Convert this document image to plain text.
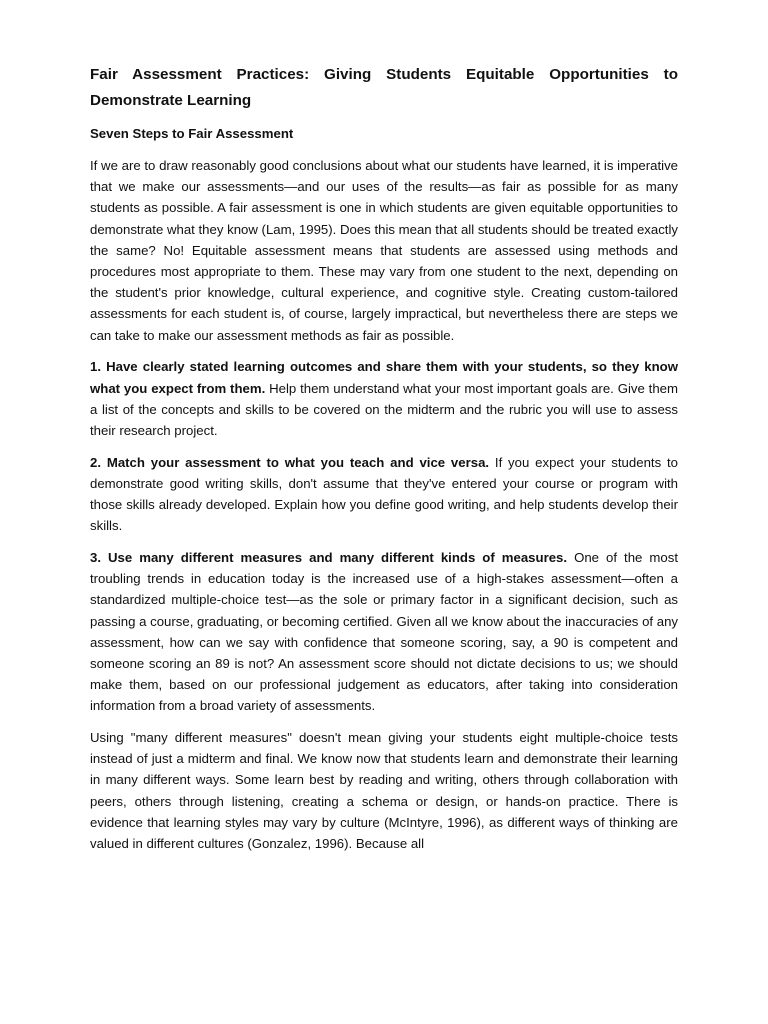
Fair Assessment Practices: Giving Students Equitable Opportunities to Demonstrate Learning
Seven Steps to Fair Assessment

If we are to draw reasonably good conclusions about what our students have learned, it is imperative that we make our assessments—and our uses of the results—as fair as possible for as many students as possible. A fair assessment is one in which students are given equitable opportunities to demonstrate what they know (Lam, 1995). Does this mean that all students should be treated exactly the same? No! Equitable assessment means that students are assessed using methods and procedures most appropriate to them. These may vary from one student to the next, depending on the student's prior knowledge, cultural experience, and cognitive style. Creating custom-tailored assessments for each student is, of course, largely impractical, but nevertheless there are steps we can take to make our assessment methods as fair as possible.

1. Have clearly stated learning outcomes and share them with your students, so they know what you expect from them. Help them understand what your most important goals are. Give them a list of the concepts and skills to be covered on the midterm and the rubric you will use to assess their research project.

2. Match your assessment to what you teach and vice versa. If you expect your students to demonstrate good writing skills, don't assume that they've entered your course or program with those skills already developed. Explain how you define good writing, and help students develop their skills.

3. Use many different measures and many different kinds of measures. One of the most troubling trends in education today is the increased use of a high-stakes assessment—often a standardized multiple-choice test—as the sole or primary factor in a significant decision, such as passing a course, graduating, or becoming certified. Given all we know about the inaccuracies of any assessment, how can we say with confidence that someone scoring, say, a 90 is competent and someone scoring an 89 is not? An assessment score should not dictate decisions to us; we should make them, based on our professional judgement as educators, after taking into consideration information from a broad variety of assessments.

Using "many different measures" doesn't mean giving your students eight multiple-choice tests instead of just a midterm and final. We know now that students learn and demonstrate their learning in many different ways. Some learn best by reading and writing, others through collaboration with peers, others through listening, creating a schema or design, or hands-on practice. There is evidence that learning styles may vary by culture (McIntyre, 1996), as different ways of thinking are valued in different cultures (Gonzalez, 1996). Because all
